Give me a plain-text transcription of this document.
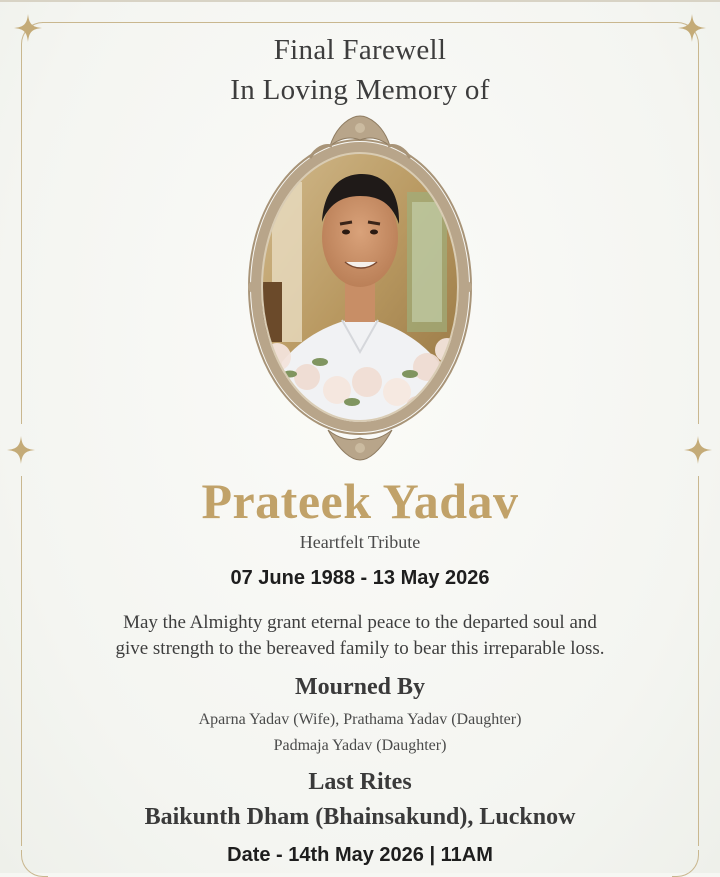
Final Farewell
In Loving Memory of
Prateek Yadav
Heartfelt Tribute
07 June 1988 - 13 May 2026
May the Almighty grant eternal peace to the departed soul and
give strength to the bereaved family to bear this irreparable loss.
Mourned By
Aparna Yadav (Wife), Prathama Yadav (Daughter)
Padmaja Yadav (Daughter)
Last Rites
Baikunth Dham (Bhainsakund), Lucknow
Date - 14th May 2026 | 11AM
